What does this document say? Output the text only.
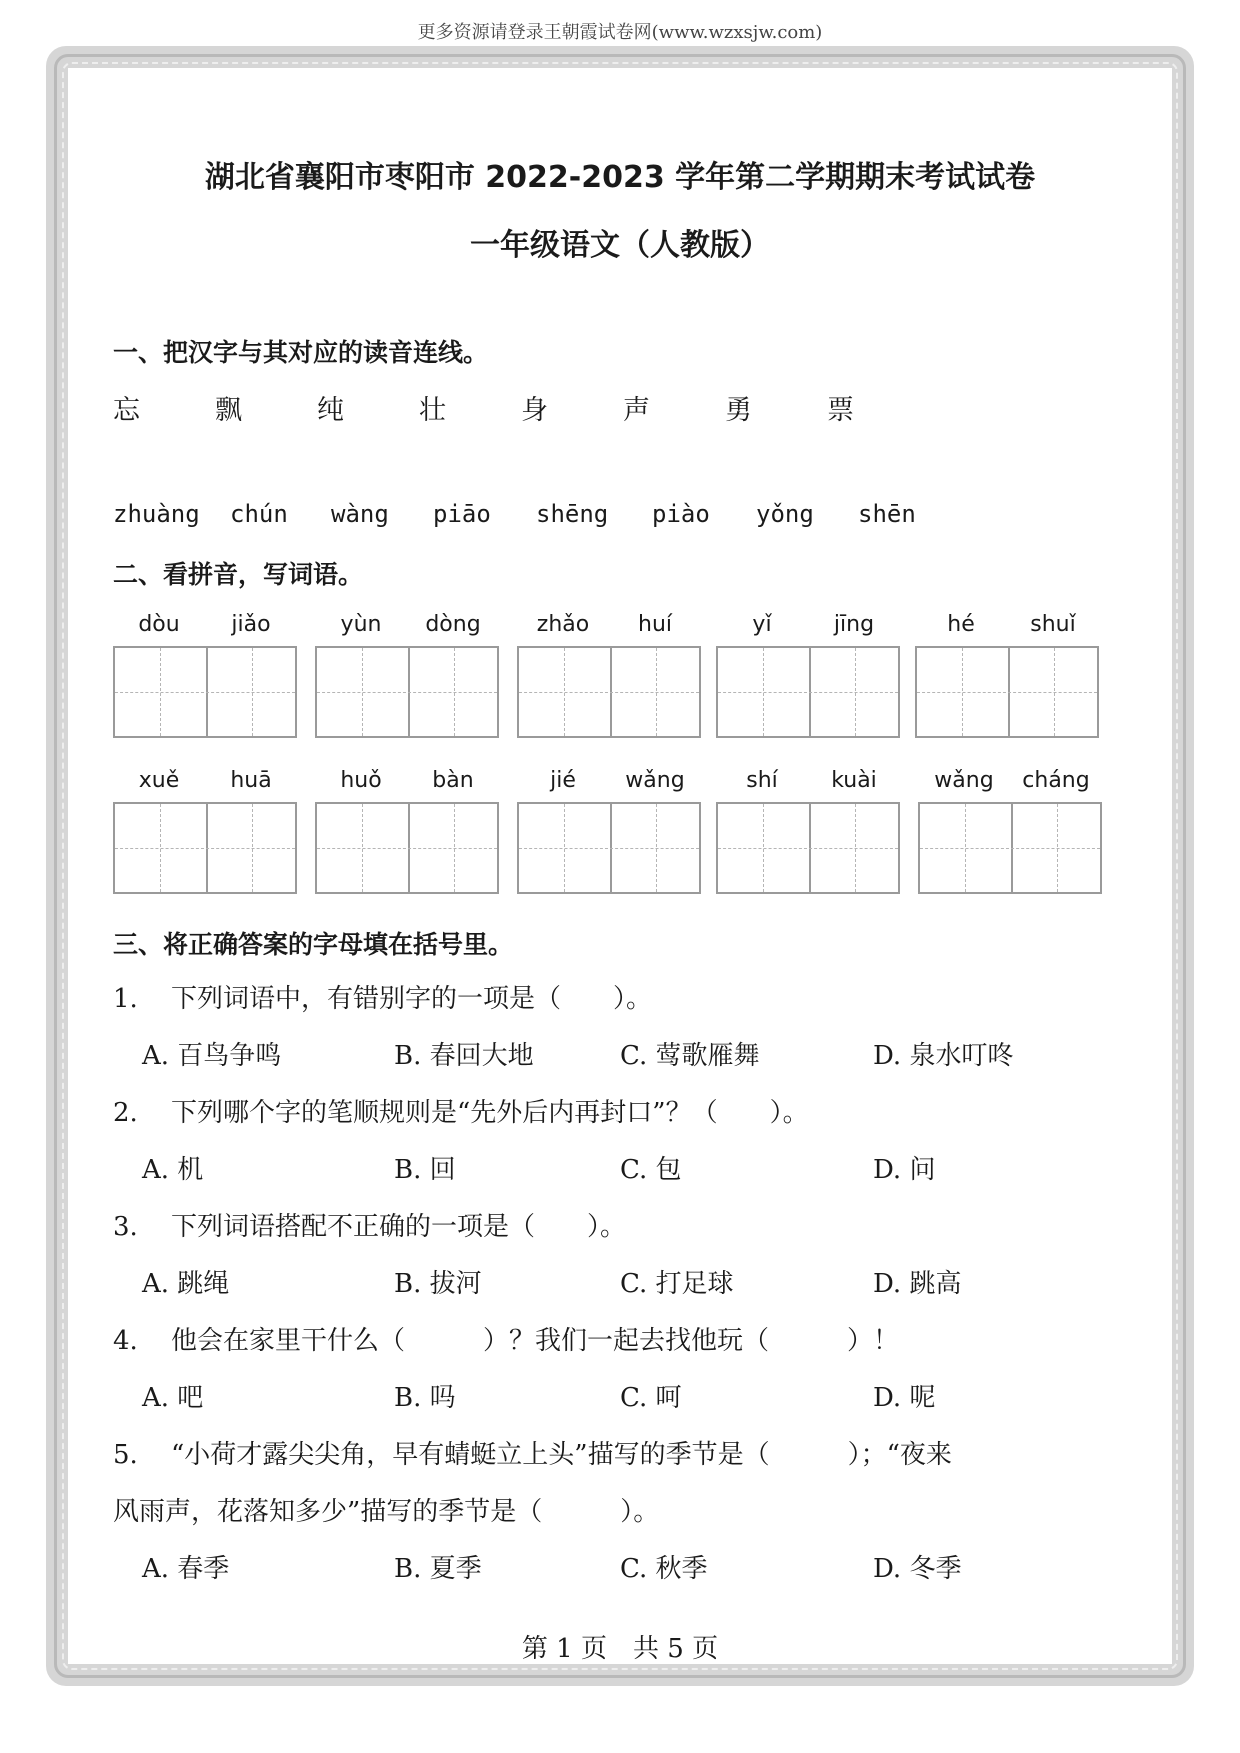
更多资源请登录王朝霞试卷网(www.wzxsjw.com)
湖北省襄阳市枣阳市 2022-2023 学年第二学期期末考试试卷
一年级语文（人教版）
一、把汉字与其对应的读音连线。
忘	飘	纯	壮	身	声	勇	票
zhuàng chún wàng piāo shēng piào yǒng shēn
二、看拼音，写词语。
dòu	jiǎo	yùn	dòng	zhǎo	huí	yǐ	jīng	hé	shuǐ
xuě	huā	huǒ	bàn	jié	wǎng	shí	kuài	wǎng	cháng
三、将正确答案的字母填在括号里。
1. 下列词语中，有错别字的一项是（　　）。
A. 百鸟争鸣	B. 春回大地	C. 莺歌雁舞	D. 泉水叮咚
2. 下列哪个字的笔顺规则是“先外后内再封口”？（　　）。
A. 机	B. 回	C. 包	D. 问
3. 下列词语搭配不正确的一项是（　　）。
A. 跳绳	B. 拔河	C. 打足球	D. 跳高
4. 他会在家里干什么（　　　）？我们一起去找他玩（　　　）！
A. 吧	B. 吗	C. 呵	D. 呢
5. “小荷才露尖尖角，早有蜻蜓立上头”描写的季节是（　　　）；“夜来
风雨声，花落知多少”描写的季节是（　　　）。
A. 春季	B. 夏季	C. 秋季	D. 冬季
第 1 页　共 5 页
